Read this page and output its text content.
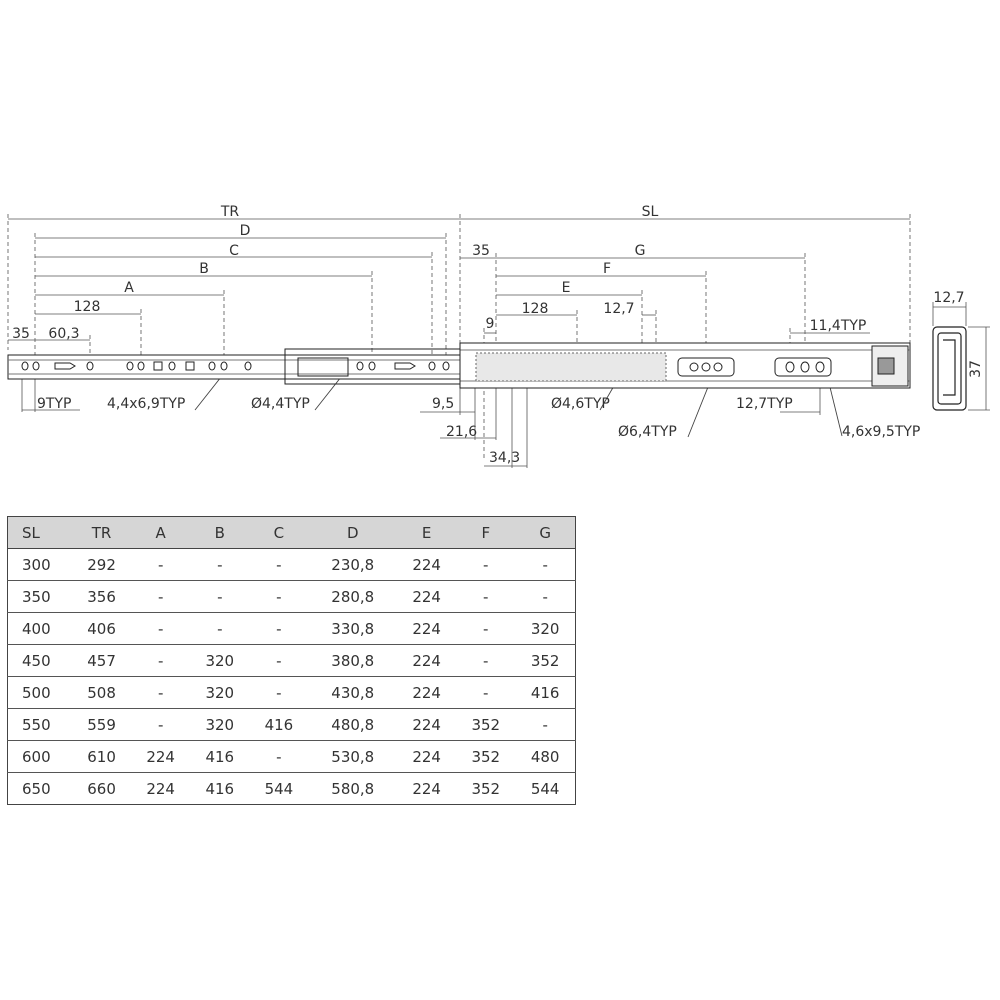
TR	SL
D
C
B
A
128
35 60,3
35	G
F
E
9
128	12,7
11,4TYP
12,7
37
9TYP	4,4x6,9TYP	Ø4,4TYP	9,5	Ø4,6TYP
21,6
34,3
Ø6,4TYP
12,7TYP
4,6x9,5TYP
SL	TR	A	B	C	D	E	F	G
300	292	-	-	-	230,8	224	-	-
350	356	-	-	-	280,8	224	-	-
400	406	-	-	-	330,8	224	-	320
450	457	-	320	-	380,8	224	-	352
500	508	-	320	-	430,8	224	-	416
550	559	-	320	416	480,8	224	352	-
600	610	224	416	-	530,8	224	352	480
650	660	224	416	544	580,8	224	352	544
